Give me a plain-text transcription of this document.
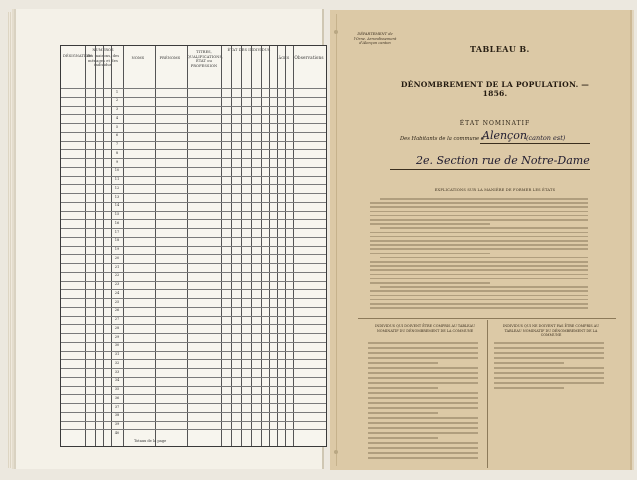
DÉSIGNATION
NUMÉROS
des maisons, des ménages et des individus
NOMS	PRÉNOMS
TITRES, QUALIFICATIONS, ÉTAT ou PROFESSION
ÉTAT DES INDIVIDUS
ÂGES	Observations
1
2
3
4
5
6
7
8
9
10
11
12
13
14
15
16
17
18
19
20
21
22
23
24
25
26
27
28
29
30
31
32
33
34
35
36
37
38
39
40
Totaux de la page
DÉPARTEMENT de l'Orne. Arrondissement d'Alençon canton
TABLEAU B.
DÉNOMBREMENT DE LA POPULATION. — 1856.
ÉTAT NOMINATIF
Des Habitants de la commune d'
Alençon (canton est)
2e. Section rue de Notre-Dame
EXPLICATIONS SUR LA MANIÈRE DE FORMER LES ÉTATS
INDIVIDUS QUI DOIVENT ÊTRE COMPRIS AU TABLEAU NOMINATIF DU DÉNOMBREMENT DE LA COMMUNE
INDIVIDUS QUI NE DOIVENT PAS ÊTRE COMPRIS AU TABLEAU NOMINATIF DU DÉNOMBREMENT DE LA COMMUNE
